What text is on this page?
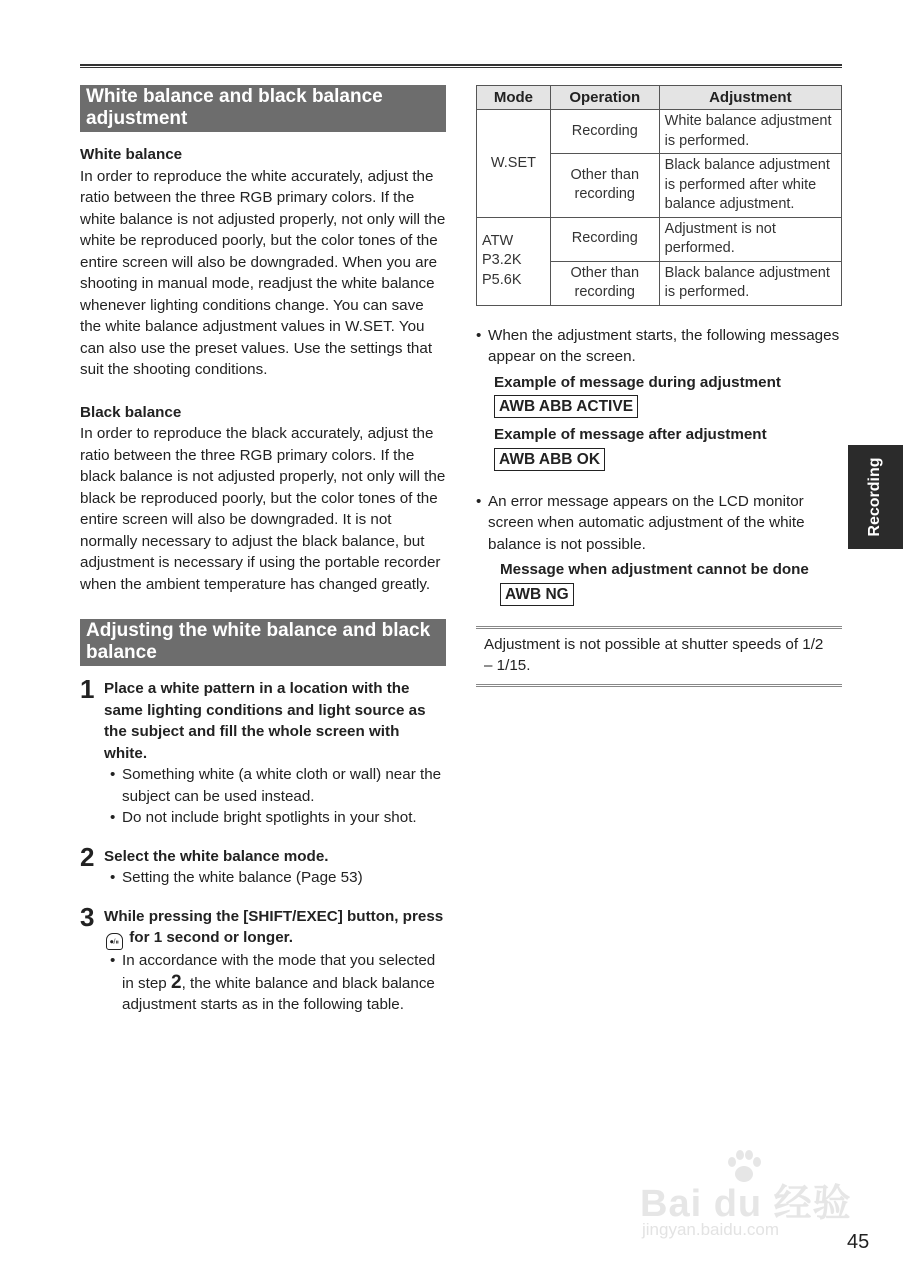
White balance and black balance adjustment

White balance

In order to reproduce the white accurately, adjust the ratio between the three RGB primary colors. If the white balance is not adjusted properly, not only will the white be reproduced poorly, but the color tones of the entire screen will also be downgraded. When you are shooting in manual mode, readjust the white balance whenever lighting conditions change. You can save the white balance adjustment values in W.SET. You can also use the preset values. Use the settings that suit the shooting conditions.

Black balance

In order to reproduce the black accurately, adjust the ratio between the three RGB primary colors. If the black balance is not adjusted properly, not only will the black be reproduced poorly, but the color tones of the entire screen will also be downgraded. It is not normally necessary to adjust the black balance, but adjustment is necessary if using the portable recorder when the ambient temperature has changed greatly.

Adjusting the white balance and black balance
1 Place a white pattern in a location with the same lighting conditions and light source as the subject and fill the whole screen with white.
• Something white (a white cloth or wall) near the subject can be used instead.
• Do not include bright spotlights in your shot.
2 Select the white balance mode.
• Setting the white balance (Page 53)
3 While pressing the [SHIFT/EXEC] button, press ⏺/⏸ for 1 second or longer.
• In accordance with the mode that you selected in step 2, the white balance and black balance adjustment starts as in the following table.
Mode	Operation	Adjustment
W.SET	Recording	White balance adjustment is performed.
	Other than recording	Black balance adjustment is performed after white balance adjustment.

ATW
P3.2K
P5.6K	Recording	Adjustment is not performed.
	Other than recording	Black balance adjustment is performed.
• When the adjustment starts, the following messages appear on the screen.
Example of message during adjustment
AWB ABB ACTIVE
Example of message after adjustment
AWB ABB OK
• An error message appears on the LCD monitor screen when automatic adjustment of the white balance is not possible.
Message when adjustment cannot be done
AWB NG
Adjustment is not possible at shutter speeds of 1/2 – 1/15.
Recording
Bai du 经验
jingyan.baidu.com
45
